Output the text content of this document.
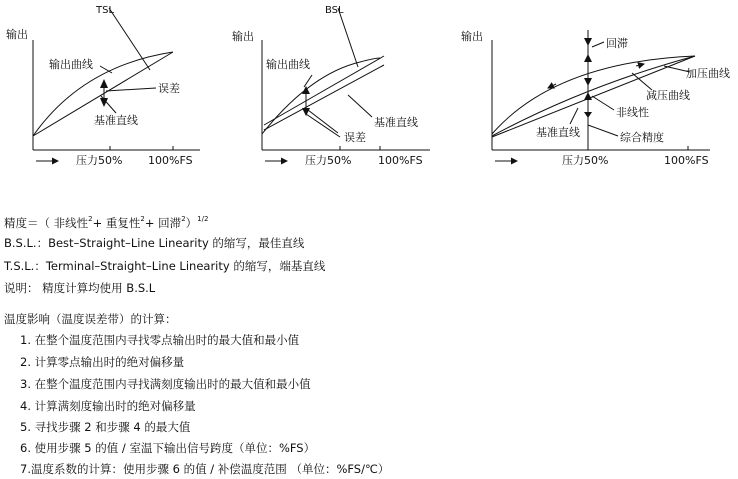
输出
TSL
输出曲线
误差
基准直线
压力50% 100%FS
输出
BSL
输出曲线
基准直线
误差
压力50% 100%FS
输出
回滞
加压曲线
减压曲线
非线性
基准直线	综合精度
压力50%	100%FS
精度＝（ 非线性$^2$+ 重复性$^2$+ 回滞$^2$）$^{1/2}$
B.S.L.：Best–Straight–Line Linearity 的缩写，最佳直线
T.S.L.：Terminal–Straight–Line Linearity 的缩写，端基直线
说明： 精度计算均使用 B.S.L
温度影响（温度误差带）的计算：
1. 在整个温度范围内寻找零点输出时的最大值和最小值
2. 计算零点输出时的绝对偏移量
3. 在整个温度范围内寻找满刻度输出时的最大值和最小值
4. 计算满刻度输出时的绝对偏移量
5. 寻找步骤 2 和步骤 4 的最大值
6. 使用步骤 5 的值 / 室温下输出信号跨度（单位：%FS）
7.温度系数的计算：使用步骤 6 的值 / 补偿温度范围 （单位：%FS/℃）
